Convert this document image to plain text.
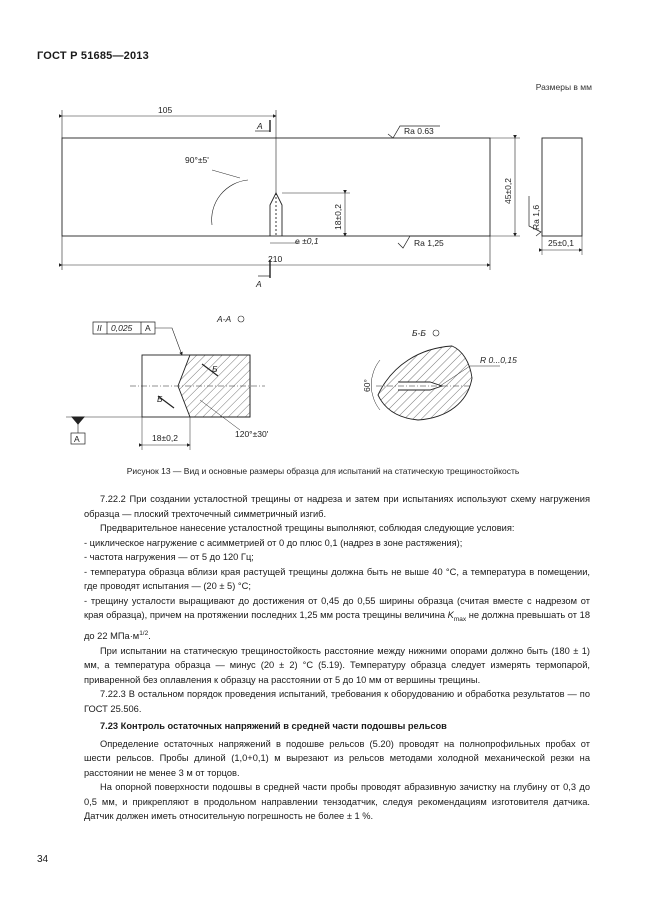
ГОСТ Р 51685—2013
Размеры в мм
105
210
90°±5'
A
A
Ra 0.63
Ra 1,25
e ±0,1
18±0,2
45±0,2
Ra 1,6
25±0,1
А-А
II 0,025 A
A	18±0,2	120°±30'
Б
Б
Б-Б
R 0...0,15
60°
Рисунок 13 — Вид и основные размеры образца для испытаний на статическую трещиностойкость

7.22.2 При создании усталостной трещины от надреза и затем при испытаниях используют схему нагружения образца — плоский трехточечный симметричный изгиб.

Предварительное нанесение усталостной трещины выполняют, соблюдая следующие условия:

- циклическое нагружение с асимметрией от 0 до плюс 0,1 (надрез в зоне растяжения);

- частота нагружения — от 5 до 120 Гц;

- температура образца вблизи края растущей трещины должна быть не выше 40 °С, а температура в помещении, где проводят испытания — (20 ± 5) °С;

- трещину усталости выращивают до достижения от 0,45 до 0,55 ширины образца (считая вместе с надрезом от края образца), причем на протяжении последних 1,25 мм роста трещины величина $K_{max}$ не должна превышать от 18 до 22 $МПа\cdot м^{1/2}$.

При испытании на статическую трещиностойкость расстояние между нижними опорами должно быть (180 ± 1) мм, а температура образца — минус (20 ± 2) °С (5.19). Температуру образца следует измерять термопарой, приваренной без оплавления к образцу на расстоянии от 5 до 10 мм от вершины трещины.

7.22.3 В остальном порядок проведения испытаний, требования к оборудованию и обработка результатов — по ГОСТ 25.506.

7.23 Контроль остаточных напряжений в средней части подошвы рельсов

Определение остаточных напряжений в подошве рельсов (5.20) проводят на полнопрофильных пробах от шести рельсов. Пробы длиной (1,0+0,1) м вырезают из рельсов методами холодной механической резки на расстоянии не менее 3 м от торцов.

На опорной поверхности подошвы в средней части пробы проводят абразивную зачистку на глубину от 0,3 до 0,5 мм, и прикрепляют в продольном направлении тензодатчик, следуя рекомендациям изготовителя датчика. Датчик должен иметь относительную погрешность не более ± 1 %.

34
